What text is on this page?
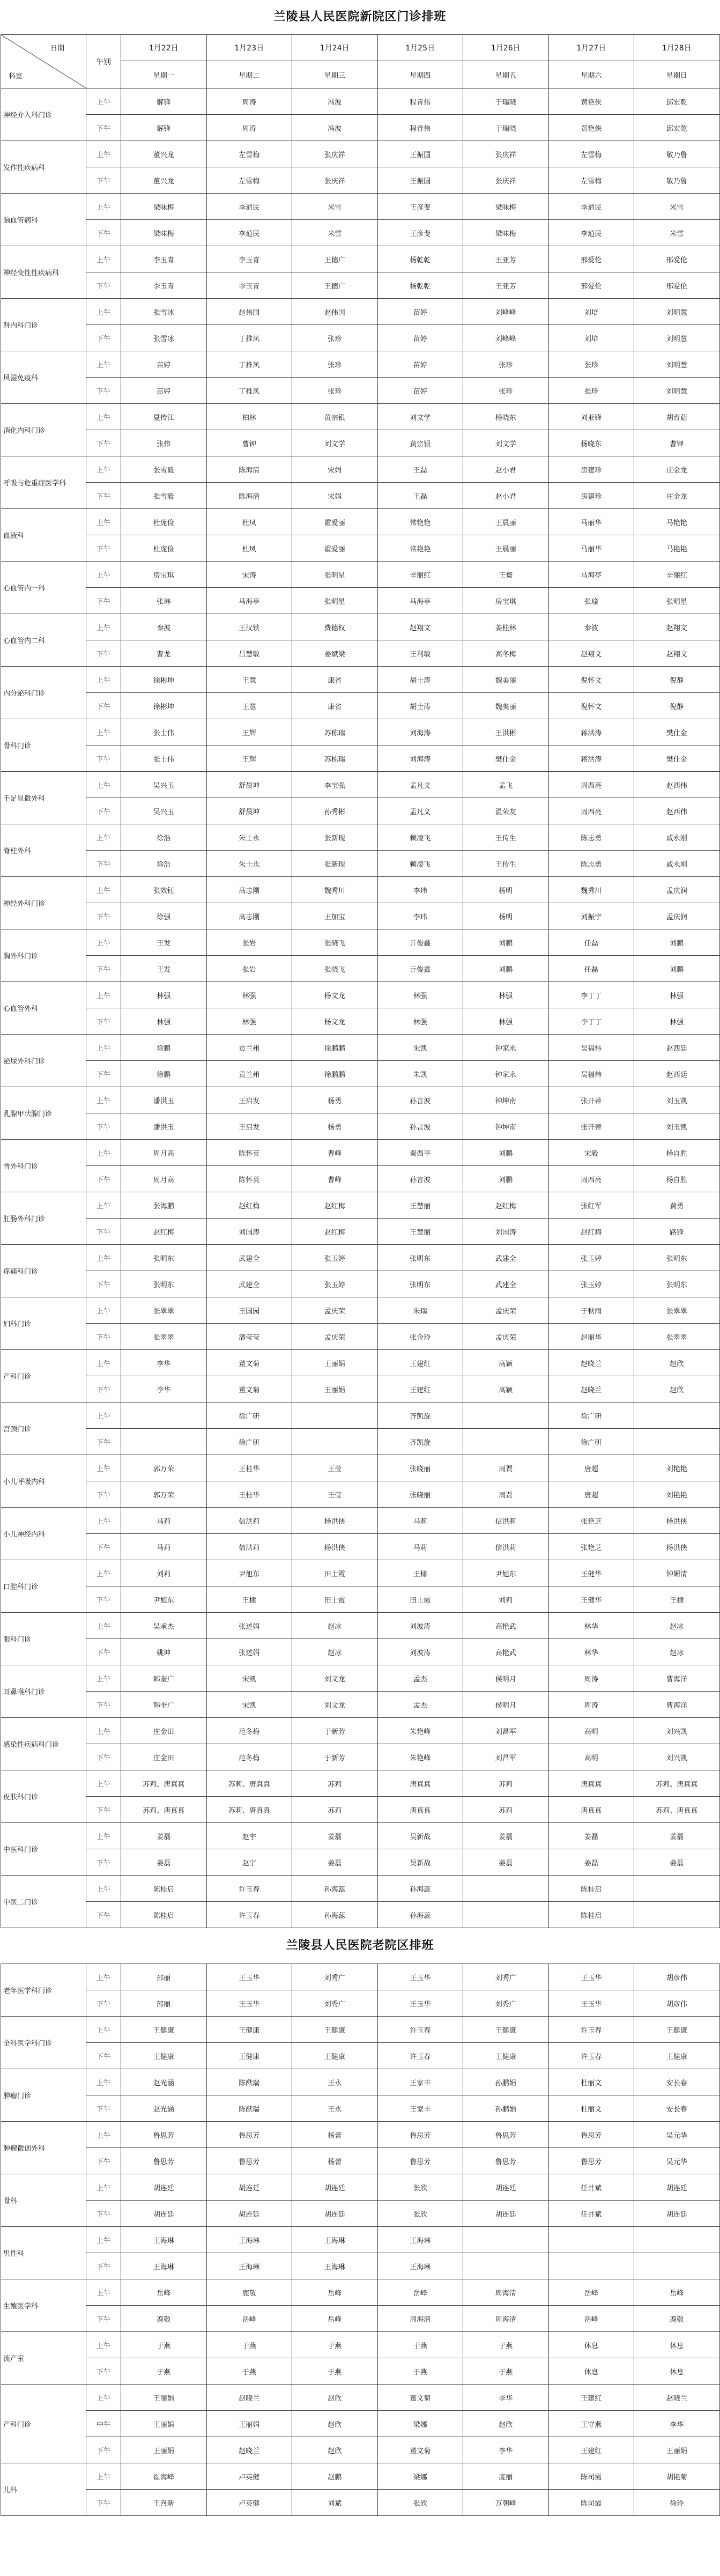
兰陵县人民医院新院区门诊排班
日期
科室	午别	1月22日	1月23日	1月24日	1月25日	1月26日	1月27日	1月28日
		星期一	星期二	星期三	星期四	星期五	星期六	星期日
神经介入科门诊	上午	解锋	周涛	冯波	程青伟	于瑞晓	黄艳侠	邱宏乾
	下午	解锋	周涛	冯波	程青伟	于瑞晓	黄艳侠	邱宏乾
发作性疾病科	上午	董兴龙	左雪梅	张庆祥	王振国	张庆祥	左雪梅	敬乃鲁
	下午	董兴龙	左雪梅	张庆祥	王振国	张庆祥	左雪梅	敬乃鲁
脑血管病科	上午	梁味梅	李逍民	米雪	王彦斐	梁味梅	李逍民	米雪
	下午	梁味梅	李逍民	米雪	王彦斐	梁味梅	李逍民	米雪
神经变性性疾病科	上午	李玉青	李玉青	王德广	杨乾乾	王亚芳	邢爱伦	邢爱伦
	下午	李玉青	李玉青	王德广	杨乾乾	王亚芳	邢爱伦	邢爱伦
肾内科门诊	上午	张雪冰	赵伟国	赵伟国	苗婷	刘峰峰	刘培	刘明慧
	下午	张雪冰	丁推凤	张珍	苗婷	刘峰峰	刘培	刘明慧
风湿免疫科	上午	苗婷	丁推凤	张珍	苗婷	张珍	张珍	刘明慧
	下午	苗婷	丁推凤	张珍	苗婷	张珍	张珍	刘明慧
消化内科门诊	上午	夏传江	柏林	黄宗银	刘文学	杨晓东	刘亚锋	胡育菇
	下午	张伟	曹钾	刘文学	黄宗银	刘文学	杨晓东	曹钾
呼吸与危重症医学科	上午	张雪毅	陈海清	宋娟	王磊	赵小君	房建珍	庄金龙
	下午	张雪毅	陈海清	宋娟	王磊	赵小君	房建珍	庄金龙
血液科	上午	杜庞俭	杜凤	霍爱丽	常艳艳	王晨丽	马丽华	马艳艳
	下午	杜庞俭	杜凤	霍爱丽	常艳艳	王晨丽	马丽华	马艳艳
心血管内一科	上午	房宝琪	宋涛	张明星	辛丽红	王寰	马海亭	辛丽红
	下午	张琳	马海亭	张明星	马海亭	房宝琪	张瑜	张明星
心血管内二科	上午	秦波	王汉铁	费德权	赵翔文	姜桂林	秦波	赵翔文
	下午	曹龙	吕慧敏	姜斌梁	王利敏	高冬梅	赵翔文	赵翔文
内分泌科门诊	上午	徐彬坤	王慧	康省	胡士涛	魏美丽	倪怀文	倪静
	下午	徐彬坤	王慧	康省	胡士涛	魏美丽	倪怀文	倪静
骨科门诊	上午	张士伟	王辉	苏栋瑞	刘海涛	王洪彬	蒋洪涛	樊仕金
	下午	张士伟	王辉	苏栋瑞	刘海涛	樊仕金	蒋洪涛	樊仕金
手足显微外科	上午	吴兴玉	舒晨坤	李宝强	孟凡义	孟飞	周西亮	赵西伟
	下午	吴兴玉	舒晨坤	孙秀彬	孟凡义	温荣友	周西亮	赵西伟
脊柱外科	上午	徐浩	朱士永	张新现	赖凌飞	王传生	陈志勇	戚永刚
	下午	徐浩	朱士永	张新现	赖凌飞	王传生	陈志勇	戚永刚
神经外科门诊	上午	张效钰	高志刚	魏秀川	李玮	杨明	魏秀川	孟庆润
	下午	徐强	高志刚	王加宝	李玮	杨明	刘振宇	孟庆润
胸外科门诊	上午	王发	张岩	张晓飞	亓俊鑫	刘鹏	任磊	刘鹏
	下午	王发	张岩	张晓飞	亓俊鑫	刘鹏	任磊	刘鹏
心血管外科	上午	林强	林强	杨文龙	林强	林强	李丁丁	林强
	下午	林强	林强	杨文龙	林强	林强	李丁丁	林强
泌尿外科门诊	上午	徐鹏	贡兰州	徐鹏鹏	朱凯	钟家永	吴福炜	赵西廷
	下午	徐鹏	贡兰州	徐鹏鹏	朱凯	钟家永	吴福炜	赵西廷
乳腺甲状腺门诊	上午	潘洪玉	王启发	杨勇	孙言波	钟坤南	张开蒂	刘玉凯
	下午	潘洪玉	王启发	杨勇	孙言波	钟坤南	张开蒂	刘玉凯
普外科门诊	上午	周月高	陈怀英	曹峰	秦西平	刘鹏	宋毅	杨自胜
	下午	周月高	陈怀英	曹峰	孙言波	刘鹏	周西亮	杨自胜
肛肠外科门诊	上午	张海鹏	赵红梅	赵红梅	王慧丽	赵红梅	张红军	黄勇
	下午	赵红梅	刘国涛	赵红梅	王慧丽	刘国涛	赵红梅	路锋
疼痛科门诊	上午	张明东	武建全	张玉婷	张明东	武建全	张玉婷	张明东
	下午	张明东	武建全	张玉婷	张明东	武建全	张玉婷	张明东
妇科门诊	上午	张翠翠	王国园	孟庆荣	朱瑞	孟庆荣	于秋雨	张翠翠
	下午	张翠翠	潘莹莹	孟庆荣	张金玲	孟庆荣	赵丽华	张翠翠
产科门诊	上午	李华	董文菊	王丽娟	王建红	高颖	赵晓兰	赵欣
	下午	李华	董文菊	王丽娟	王建红	高颖	赵晓兰	赵欣
宫颈门诊	上午		徐广研		齐凯旋		徐广研	
	下午		徐广研		齐凯旋		徐广研	
小儿呼吸内科	上午	郭万荣	王桂华	王莹	张晓丽	周贾	唐超	刘艳艳
	下午	郭万荣	王桂华	王莹	张晓丽	周贾	唐超	刘艳艳
小儿神经内科	上午	马莉	信洪莉	杨洪侠	马莉	信洪莉	张艳芝	杨洪侠
	下午	马莉	信洪莉	杨洪侠	马莉	信洪莉	张艳芝	杨洪侠
口腔科门诊	上午	刘莉	尹旭东	田士霞	王棣	尹旭东	王健华	钟媚清
	下午	尹旭东	王棣	田士霞	田士霞	刘莉	王健华	王棣
眼科门诊	上午	吴承杰	张述娟	赵冰	刘波涛	高艳武	林华	赵冰
	下午	姚坤	张述娟	赵冰	刘波涛	高艳武	林华	赵冰
耳鼻喉科门诊	上午	韩奎广	宋凯	刘文龙	孟杰	侯明月	周涛	曹海洋
	下午	韩奎广	宋凯	刘文龙	孟杰	侯明月	周涛	曹海洋
感染性疾病科门诊	上午	庄金田	范冬梅	于新芳	朱艳峰	刘昌军	高明	刘兴凯
	下午	庄金田	范冬梅	于新芳	朱艳峰	刘昌军	高明	刘兴凯
皮肤科门诊	上午	苏莉、唐真真	苏莉、唐真真	苏莉	唐真真	苏莉	唐真真	苏莉、唐真真
	下午	苏莉、唐真真	苏莉、唐真真	苏莉	唐真真	苏莉	唐真真	苏莉、唐真真
中医科门诊	上午	姜磊	赵宇	姜磊	吴新战	姜磊	姜磊	姜磊
	下午	姜磊	赵宇	姜磊	吴新战	姜磊	姜磊	姜磊
中医二门诊	上午	陈桂启	许玉春	孙海蕊	孙海蕊		陈桂启	
	下午	陈桂启	许玉春	孙海蕊	孙海蕊		陈桂启	
兰陵县人民医院老院区排班
老年医学科门诊	上午	邵丽	王玉华	刘秀广	王玉华	刘秀广	王玉华	胡彦伟
	下午	邵丽	王玉华	刘秀广	王玉华	刘秀广	王玉华	胡彦伟
全科医学科门诊	上午	王健康	王健康	王健康	许玉春	王健康	许玉春	王健康
	下午	王健康	王健康	王健康	许玉春	王健康	许玉春	王健康
肿瘤门诊	上午	赵光涵	陈猷瑞	王永	王家丰	孙鹏娟	杜丽文	安长春
	下午	赵光涵	陈猷瑞	王永	王家丰	孙鹏娟	杜丽文	安长春
肿瘤微创外科	上午	鲁思芳	鲁思芳	杨蕾	鲁思芳	鲁思芳	鲁思芳	吴元华
	下午	鲁思芳	鲁思芳	杨蕾	鲁思芳	鲁思芳	鲁思芳	吴元华
骨科	上午	胡连廷	胡连廷	胡连廷	张欣	胡连廷	任井斌	胡连廷
	下午	胡连廷	胡连廷	胡连廷	张欣	胡连廷	任井斌	胡连廷
男性科	上午	王海琳	王海琳	王海琳	王海琳			
	下午	王海琳	王海琳	王海琳	王海琳			
生殖医学科	上午	岳峰	鹿敬	岳峰	岳峰	周海清	岳峰	岳峰
	下午	鹿敬	岳峰	岳峰	周海清	周海清	岳峰	鹿敬
流产室	上午	于燕	于燕	于燕	于燕	于燕	休息	休息
	下午	于燕	于燕	于燕	于燕	于燕	休息	休息
产科门诊	上午	王丽娟	赵晓兰	赵欣	董文菊	李华	王建红	赵晓兰
	中午	王丽娟	王丽娟	赵欣	梁娜	赵欣	王守燕	李华
	下午	王丽娟	赵晓兰	赵欣	董文菊	李华	王建红	王丽娟
儿科	上午	崔海峰	卢英健	赵鹏	梁娜	庞丽	陈司霞	胡艳菊
	下午	王喜新	卢英健	刘斌	张欣	万朝峰	陈司霞	徐玲
